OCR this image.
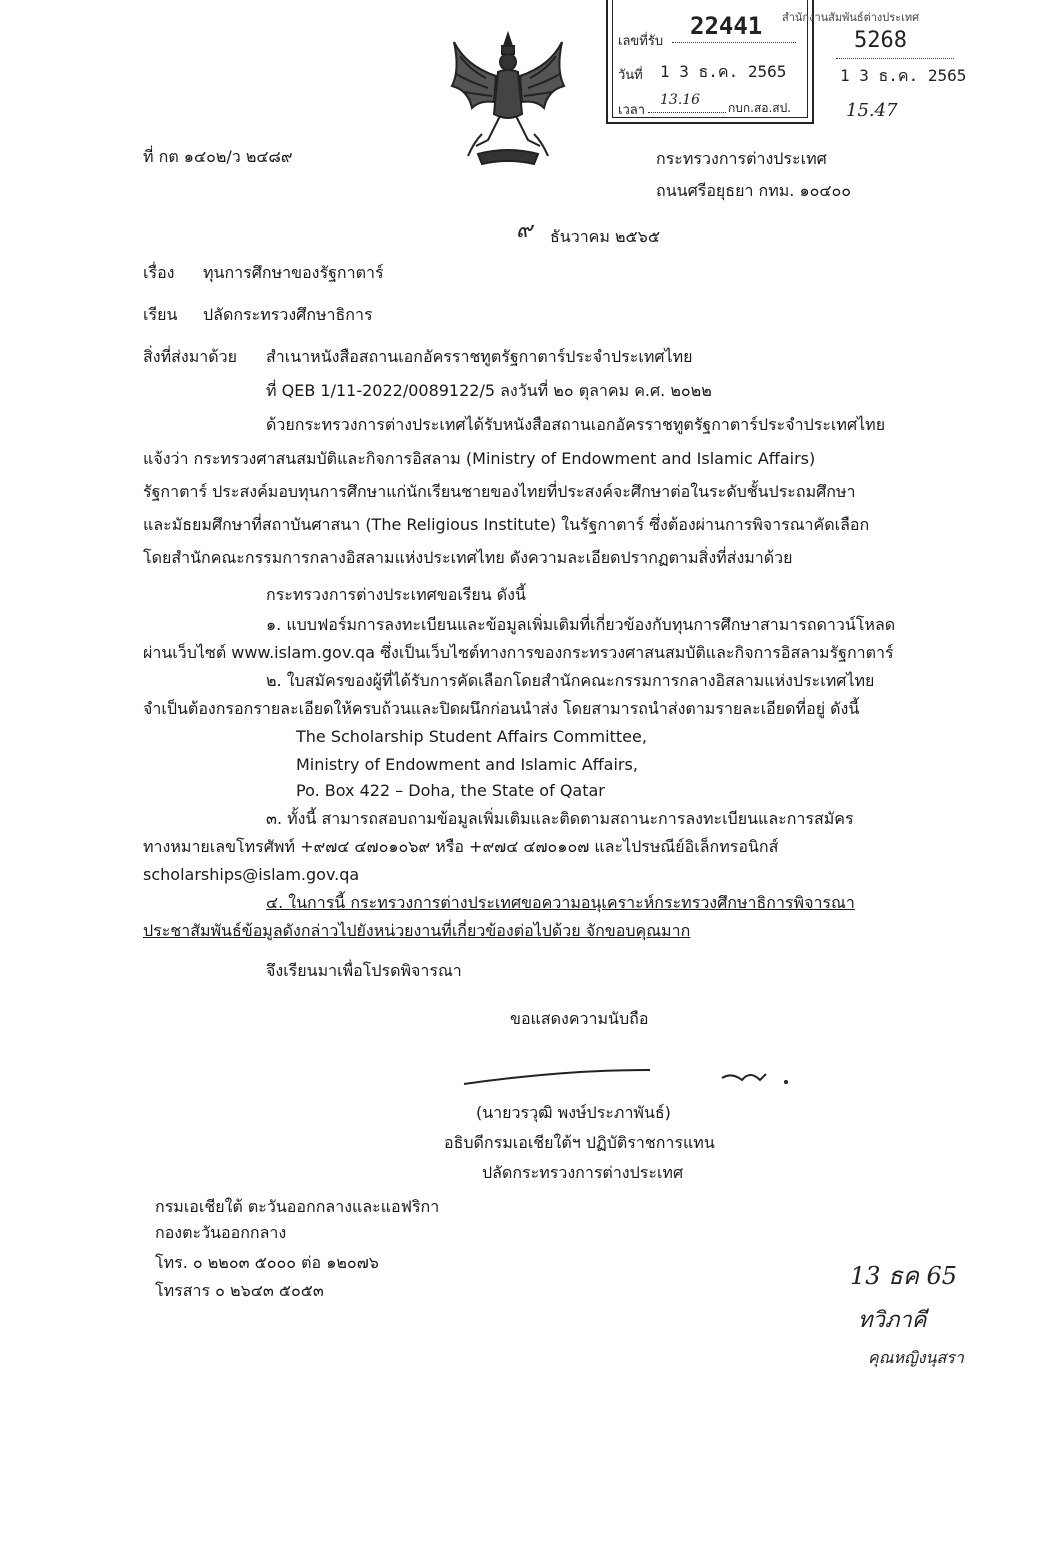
เลขที่รับ
22441
วันที่ 1 3 ธ.ค. 2565
เวลา
13.16 กบก.สอ.สป.
สำนักงานสัมพันธ์ต่างประเทศ
5268
1 3 ธ.ค. 2565
15.47
ที่ กต ๑๔๐๒/ว ๒๔๘๙	กระทรวงการต่างประเทศ
ถนนศรีอยุธยา กทม. ๑๐๔๐๐
๙ ธันวาคม ๒๕๖๕
เรื่อง ทุนการศึกษาของรัฐกาตาร์
เรียน ปลัดกระทรวงศึกษาธิการ
สิ่งที่ส่งมาด้วย สำเนาหนังสือสถานเอกอัครราชทูตรัฐกาตาร์ประจำประเทศไทย
ที่ QEB 1/11-2022/0089122/5 ลงวันที่ ๒๐ ตุลาคม ค.ศ. ๒๐๒๒
ด้วยกระทรวงการต่างประเทศได้รับหนังสือสถานเอกอัครราชทูตรัฐกาตาร์ประจำประเทศไทย
แจ้งว่า กระทรวงศาสนสมบัติและกิจการอิสลาม (Ministry of Endowment and Islamic Affairs)
รัฐกาตาร์ ประสงค์มอบทุนการศึกษาแก่นักเรียนชายของไทยที่ประสงค์จะศึกษาต่อในระดับชั้นประถมศึกษา
และมัธยมศึกษาที่สถาบันศาสนา (The Religious Institute) ในรัฐกาตาร์ ซึ่งต้องผ่านการพิจารณาคัดเลือก
โดยสำนักคณะกรรมการกลางอิสลามแห่งประเทศไทย ดังความละเอียดปรากฏตามสิ่งที่ส่งมาด้วย
กระทรวงการต่างประเทศขอเรียน ดังนี้
๑. แบบฟอร์มการลงทะเบียนและข้อมูลเพิ่มเติมที่เกี่ยวข้องกับทุนการศึกษาสามารถดาวน์โหลด
ผ่านเว็บไซต์ www.islam.gov.qa ซึ่งเป็นเว็บไซต์ทางการของกระทรวงศาสนสมบัติและกิจการอิสลามรัฐกาตาร์
๒. ใบสมัครของผู้ที่ได้รับการคัดเลือกโดยสำนักคณะกรรมการกลางอิสลามแห่งประเทศไทย
จำเป็นต้องกรอกรายละเอียดให้ครบถ้วนและปิดผนึกก่อนนำส่ง โดยสามารถนำส่งตามรายละเอียดที่อยู่ ดังนี้
The Scholarship Student Affairs Committee,
Ministry of Endowment and Islamic Affairs,
Po. Box 422 – Doha, the State of Qatar
๓. ทั้งนี้ สามารถสอบถามข้อมูลเพิ่มเติมและติดตามสถานะการลงทะเบียนและการสมัคร
ทางหมายเลขโทรศัพท์ +๙๗๔ ๔๗๐๑๐๖๙ หรือ +๙๗๔ ๔๗๐๑๐๗ และไปรษณีย์อิเล็กทรอนิกส์
scholarships@islam.gov.qa
๔. ในการนี้ กระทรวงการต่างประเทศขอความอนุเคราะห์กระทรวงศึกษาธิการพิจารณา
ประชาสัมพันธ์ข้อมูลดังกล่าวไปยังหน่วยงานที่เกี่ยวข้องต่อไปด้วย จักขอบคุณมาก
จึงเรียนมาเพื่อโปรดพิจารณา
ขอแสดงความนับถือ
(นายวรวุฒิ พงษ์ประภาพันธ์)
อธิบดีกรมเอเชียใต้ฯ ปฏิบัติราชการแทน
ปลัดกระทรวงการต่างประเทศ
กรมเอเชียใต้ ตะวันออกกลางและแอฟริกา
กองตะวันออกกลาง
โทร. ๐ ๒๒๐๓ ๕๐๐๐ ต่อ ๑๒๐๗๖
โทรสาร ๐ ๒๖๔๓ ๕๐๕๓
13 ธค 65
ทวิภาคี
คุณหญิงนุสรา
